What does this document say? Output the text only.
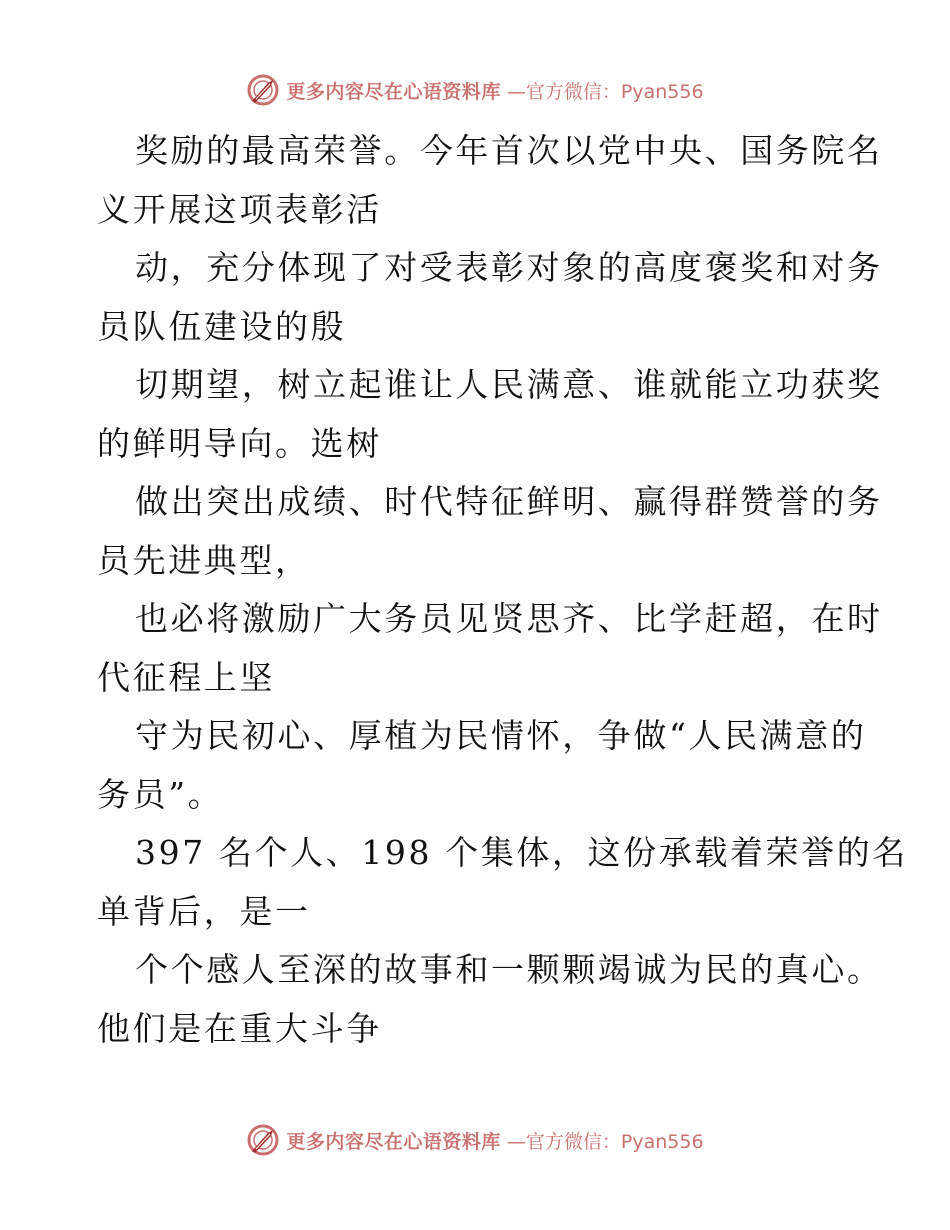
更多内容尽在心语资料库 —官方微信：Pyan556
奖励的最高荣誉。今年首次以党中央、国务院名
义开展这项表彰活
动，充分体现了对受表彰对象的高度褒奖和对务
员队伍建设的殷
切期望，树立起谁让人民满意、谁就能立功获奖
的鲜明导向。选树
做出突出成绩、时代特征鲜明、赢得群赞誉的务
员先进典型，
也必将激励广大务员见贤思齐、比学赶超，在时
代征程上坚
守为民初心、厚植为民情怀，争做“人民满意的
务员”。
397 名个人、198 个集体，这份承载着荣誉的名
单背后，是一
个个感人至深的故事和一颗颗竭诚为民的真心。
他们是在重大斗争
更多内容尽在心语资料库 —官方微信：Pyan556
